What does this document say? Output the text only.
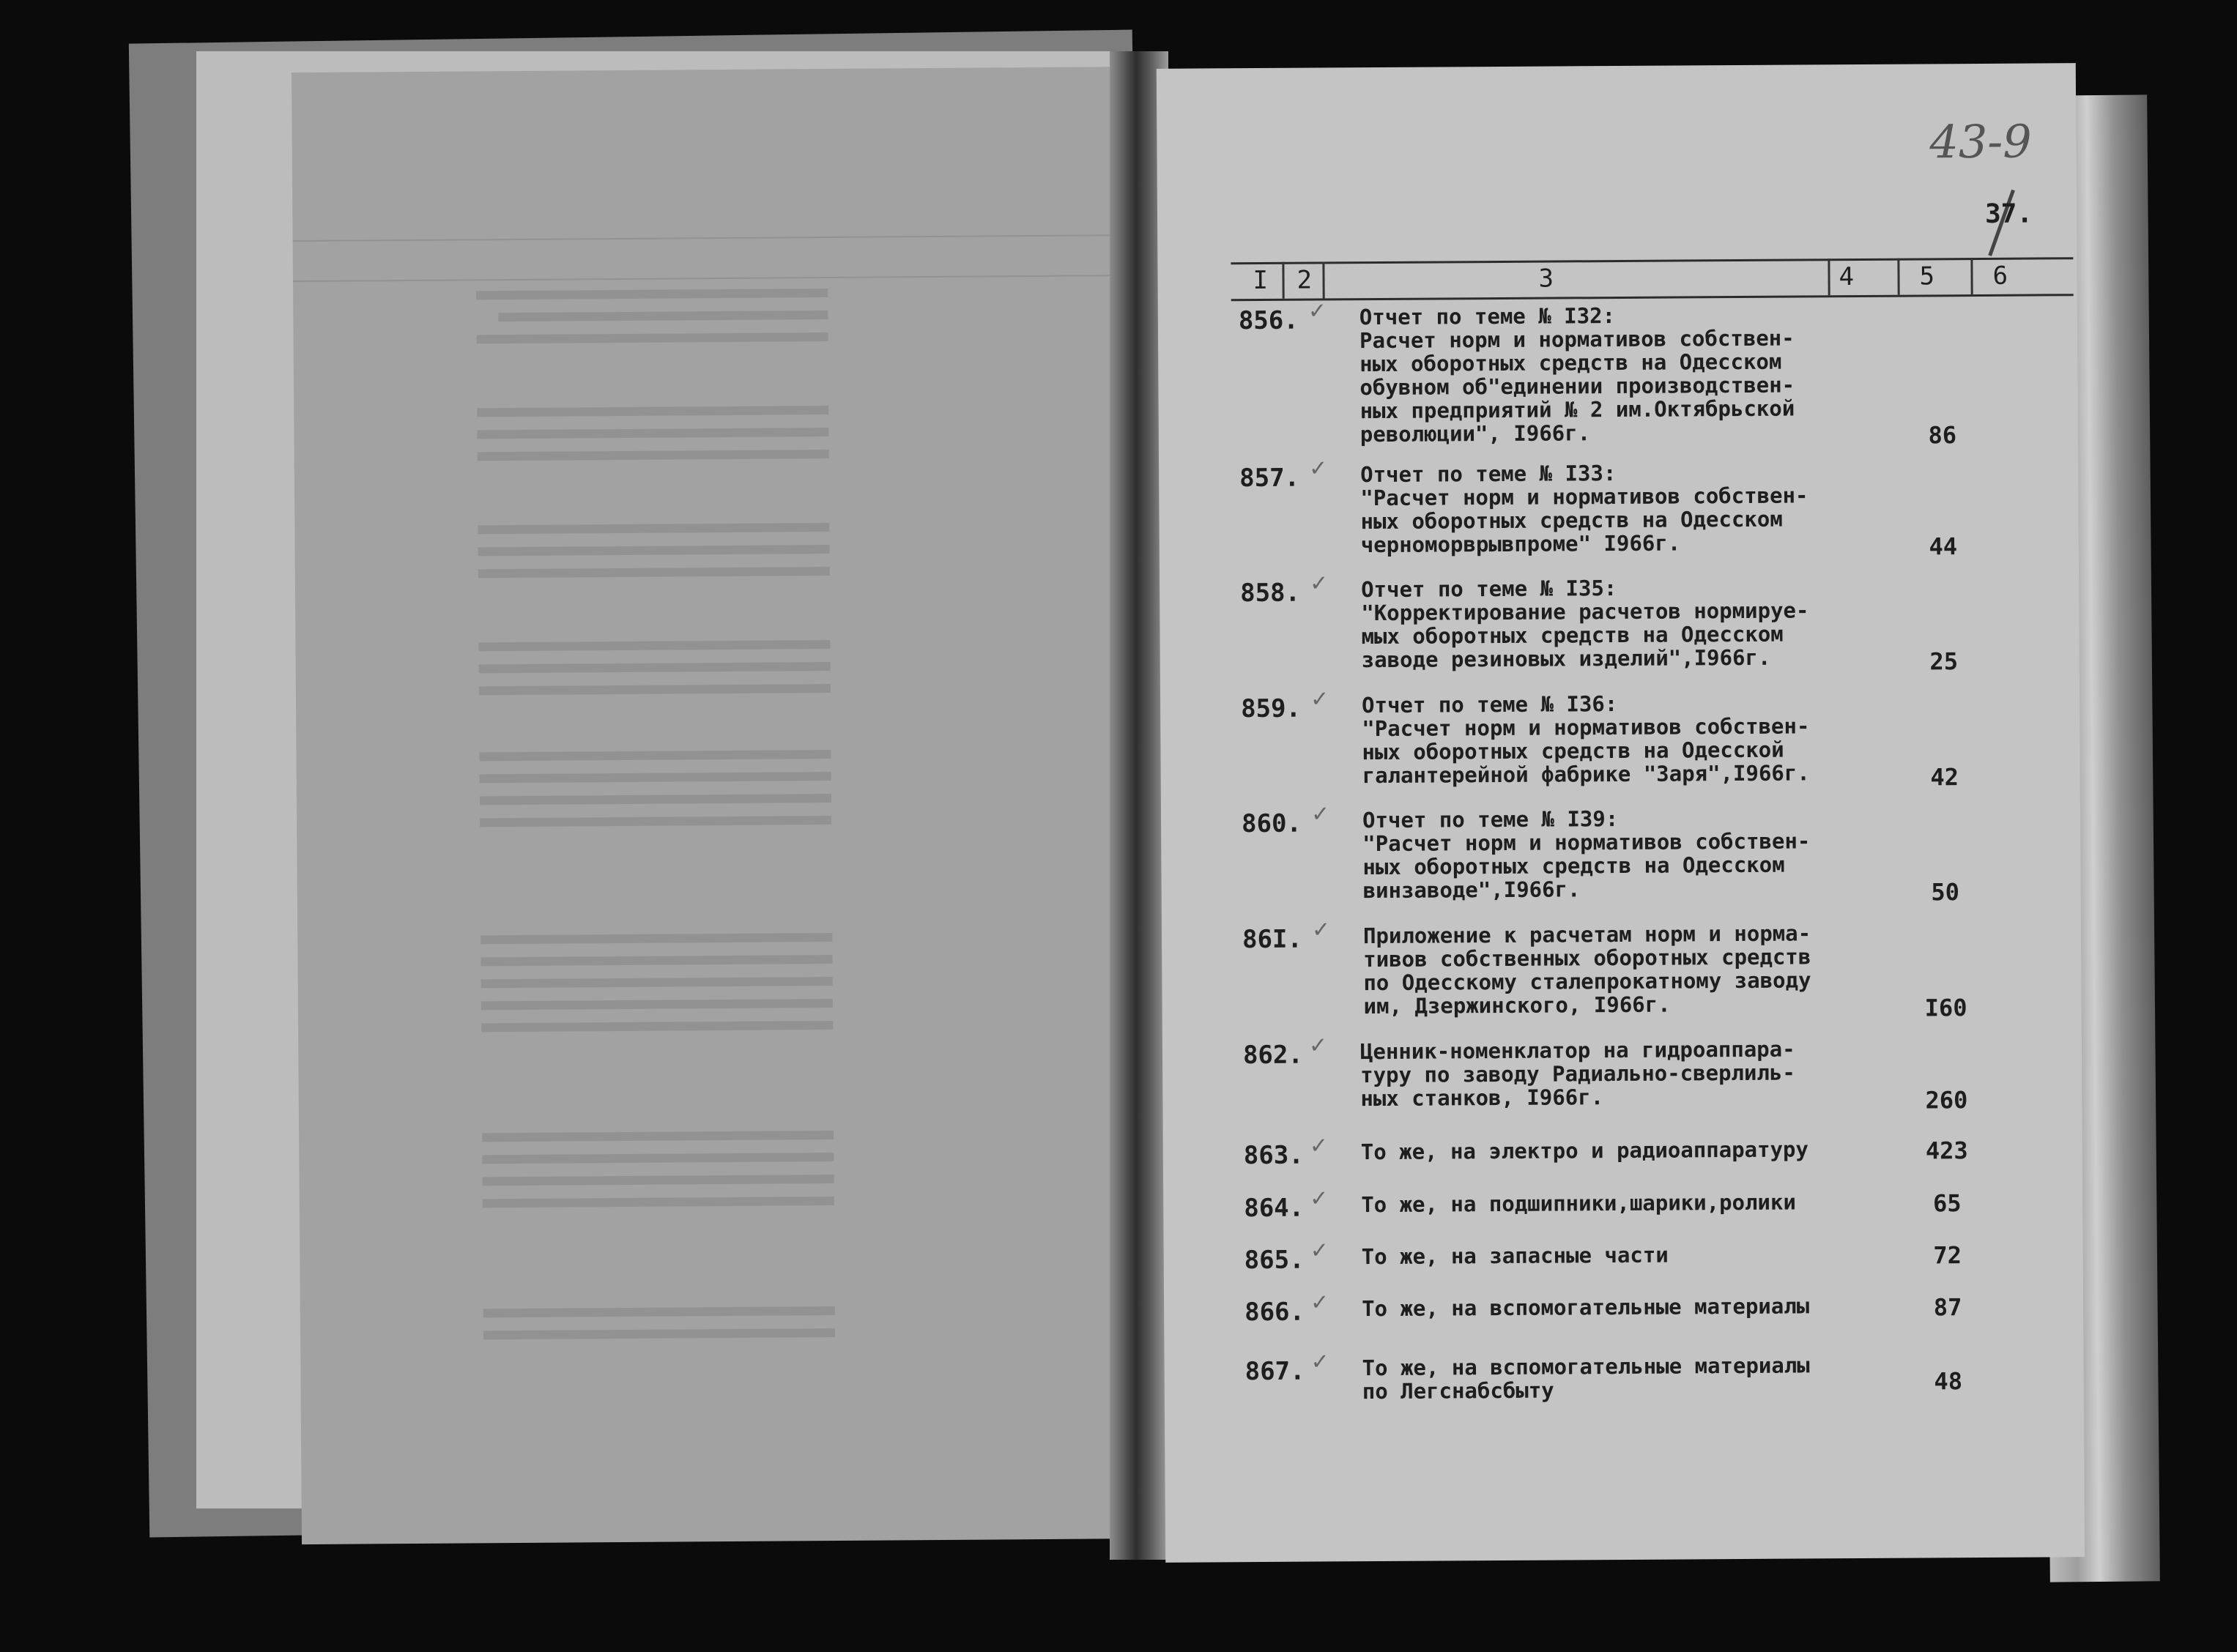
43-9
37.
I 2	3	4	5 6
856. ✓ Отчет по теме № I32:
Расчет норм и нормативов собствен-
ных оборотных средств на Одесском
обувном об"единении производствен-
ных предприятий № 2 им.Октябрьской
революции", I966г.	86
857. ✓ Отчет по теме № I33:
"Расчет норм и нормативов собствен-
ных оборотных средств на Одесском
черноморврывпроме" I966г.	44
858. ✓ Отчет по теме № I35:
"Корректирование расчетов нормируе-
мых оборотных средств на Одесском
заводе резиновых изделий",I966г.	25
859. ✓ Отчет по теме № I36:
"Расчет норм и нормативов собствен-
ных оборотных средств на Одесской
галантерейной фабрике "Заря",I966г.	42
860. ✓ Отчет по теме № I39:
"Расчет норм и нормативов собствен-
ных оборотных средств на Одесском
винзаводе",I966г.	50
86I. ✓ Приложение к расчетам норм и норма-
тивов собственных оборотных средств
по Одесскому сталепрокатному заводу
им, Дзержинского, I966г.	I60
862. ✓ Ценник-номенклатор на гидроаппара-
туру по заводу Радиально-сверлиль-
ных станков, I966г.	260
863. ✓ То же, на электро и радиоаппаратуру	423
864. ✓ То же, на подшипники,шарики,ролики	65
865. ✓ То же, на запасные части	72
866. ✓ То же, на вспомогательные материалы	87
867. ✓ То же, на вспомогательные материалы
по Легснабсбыту	48
